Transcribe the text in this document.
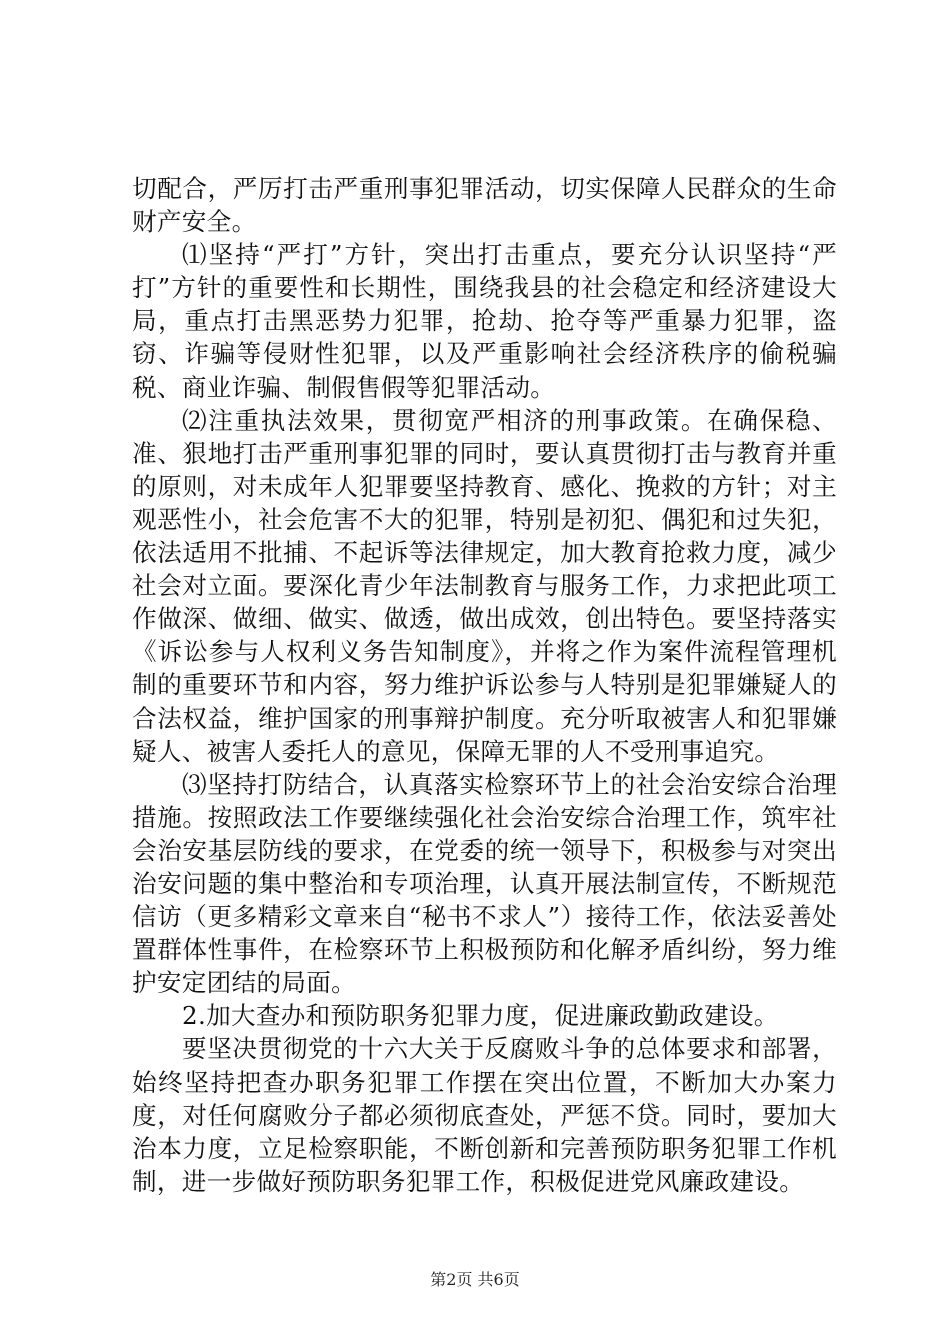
切配合，严厉打击严重刑事犯罪活动，切实保障人民群众的生命财产安全。

⑴坚持“严打”方针，突出打击重点，要充分认识坚持“严打”方针的重要性和长期性，围绕我县的社会稳定和经济建设大局，重点打击黑恶势力犯罪，抢劫、抢夺等严重暴力犯罪，盗窃、诈骗等侵财性犯罪，以及严重影响社会经济秩序的偷税骗税、商业诈骗、制假售假等犯罪活动。

⑵注重执法效果，贯彻宽严相济的刑事政策。在确保稳、准、狠地打击严重刑事犯罪的同时，要认真贯彻打击与教育并重的原则，对未成年人犯罪要坚持教育、感化、挽救的方针；对主观恶性小，社会危害不大的犯罪，特别是初犯、偶犯和过失犯，依法适用不批捕、不起诉等法律规定，加大教育抢救力度，减少社会对立面。要深化青少年法制教育与服务工作，力求把此项工作做深、做细、做实、做透，做出成效，创出特色。要坚持落实《诉讼参与人权利义务告知制度》，并将之作为案件流程管理机制的重要环节和内容，努力维护诉讼参与人特别是犯罪嫌疑人的合法权益，维护国家的刑事辩护制度。充分听取被害人和犯罪嫌疑人、被害人委托人的意见，保障无罪的人不受刑事追究。

⑶坚持打防结合，认真落实检察环节上的社会治安综合治理措施。按照政法工作要继续强化社会治安综合治理工作，筑牢社会治安基层防线的要求，在党委的统一领导下，积极参与对突出治安问题的集中整治和专项治理，认真开展法制宣传，不断规范信访（更多精彩文章来自“秘书不求人”）接待工作，依法妥善处置群体性事件，在检察环节上积极预防和化解矛盾纠纷，努力维护安定团结的局面。

2.加大查办和预防职务犯罪力度，促进廉政勤政建设。

要坚决贯彻党的十六大关于反腐败斗争的总体要求和部署，始终坚持把查办职务犯罪工作摆在突出位置，不断加大办案力度，对任何腐败分子都必须彻底查处，严惩不贷。同时，要加大治本力度，立足检察职能，不断创新和完善预防职务犯罪工作机制，进一步做好预防职务犯罪工作，积极促进党风廉政建设。

第2页 共6页
